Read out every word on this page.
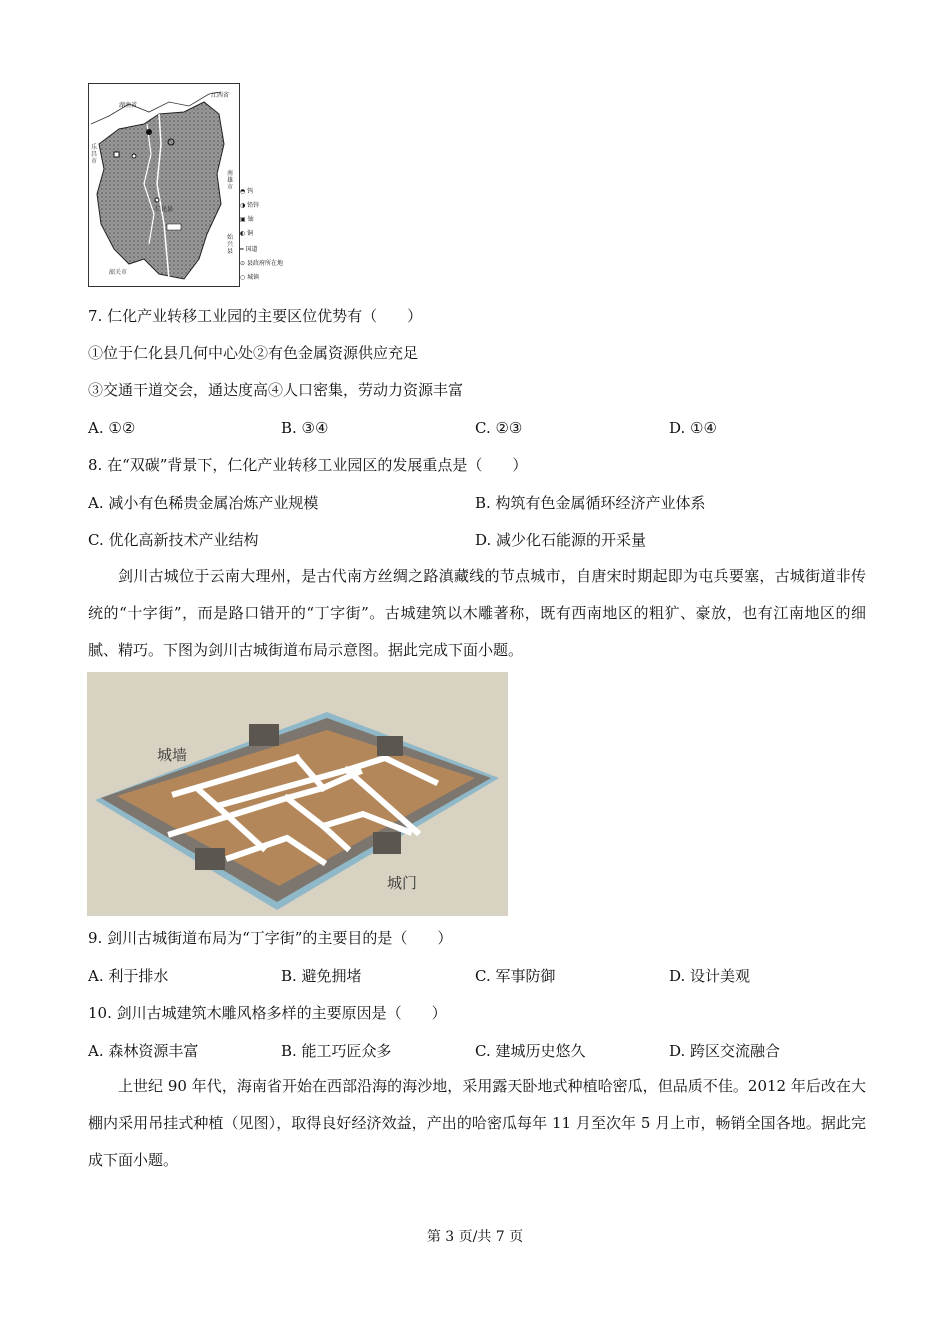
湖南省
江西省
乐昌市
南雄市
始兴县
韶关市
仁化县
◓ 钨
◑ 铅锌
▣ 铀
◐ 铜
━ 国道
⊙ 县政府所在地
○ 城镇
7. 仁化产业转移工业园的主要区位优势有（　　）
①位于仁化县几何中心处②有色金属资源供应充足
③交通干道交会，通达度高④人口密集，劳动力资源丰富
A. ①②	B. ③④	C. ②③	D. ①④
8. 在“双碳”背景下，仁化产业转移工业园区的发展重点是（　　）
A. 减小有色稀贵金属冶炼产业规模	B. 构筑有色金属循环经济产业体系
C. 优化高新技术产业结构	D. 减少化石能源的开采量
剑川古城位于云南大理州，是古代南方丝绸之路滇藏线的节点城市，自唐宋时期起即为屯兵要塞，古城街道非传统的“十字街”，而是路口错开的“丁字街”。古城建筑以木雕著称，既有西南地区的粗犷、豪放，也有江南地区的细腻、精巧。下图为剑川古城街道布局示意图。据此完成下面小题。
城墙
城门
9. 剑川古城街道布局为“丁字街”的主要目的是（　　）
A. 利于排水	B. 避免拥堵	C. 军事防御	D. 设计美观
10. 剑川古城建筑木雕风格多样的主要原因是（　　）
A. 森林资源丰富	B. 能工巧匠众多	C. 建城历史悠久	D. 跨区交流融合
上世纪 90 年代，海南省开始在西部沿海的海沙地，采用露天卧地式种植哈密瓜，但品质不佳。2012 年后改在大棚内采用吊挂式种植（见图），取得良好经济效益，产出的哈密瓜每年 11 月至次年 5 月上市，畅销全国各地。据此完成下面小题。
第 3 页/共 7 页
